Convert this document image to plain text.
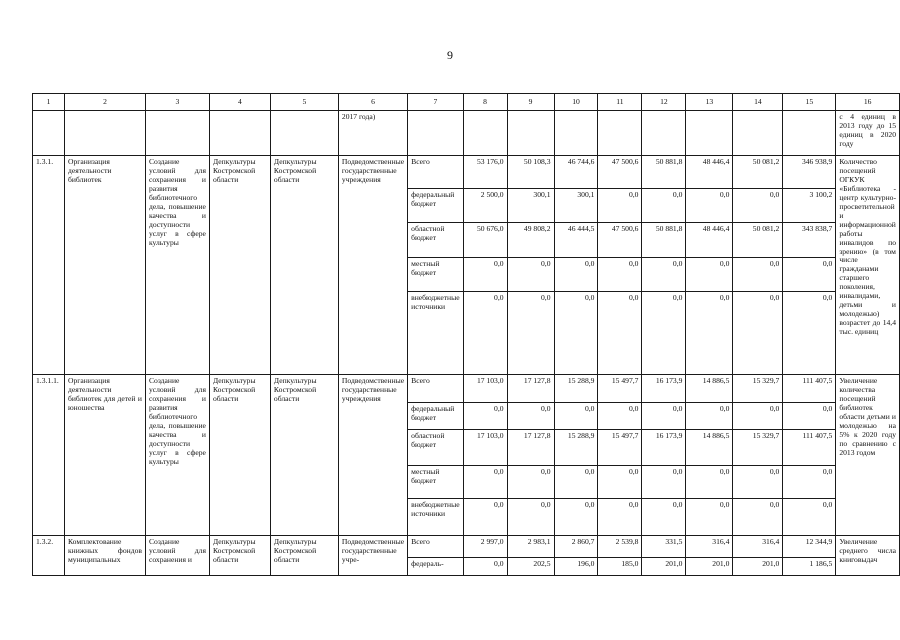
9
1	2	3	4	5	6	7	8	9	10	11	12	13	14	15	16
					2017 года)										с 4 единиц в 2013 году до 15 единиц в 2020 году
1.3.1.	Организация деятельности библиотек	Создание условий для сохранения и развития библиотечного дела, повышение качества и доступности услуг в сфере культуры	Депкультуры Костромской области	Депкультуры Костромской области	Подведомственные государственные учреждения	Всего	53 176,0	50 108,3	46 744,6	47 500,6	50 881,8	48 446,4	50 081,2	346 938,9	Количество посещений ОГКУК «Библиотека - центр культурно-просветительной и информационной работы инвалидов по зрению» (в том числе гражданами старшего поколения, инвалидами, детьми и молодежью) возрастет до 14,4 тыс. единиц
						федеральный бюджет	2 500,0	300,1	300,1	0,0	0,0	0,0	0,0	3 100,2	
						областной бюджет	50 676,0	49 808,2	46 444,5	47 500,6	50 881,8	48 446,4	50 081,2	343 838,7	
						местный бюджет	0,0	0,0	0,0	0,0	0,0	0,0	0,0	0,0	
						внебюджетные источники	0,0	0,0	0,0	0,0	0,0	0,0	0,0	0,0	
1.3.1.1.	Организация деятельности библиотек для детей и юношества	Создание условий для сохранения и развития библиотечного дела, повышение качества и доступности услуг в сфере культуры	Депкультуры Костромской области	Депкультуры Костромской области	Подведомственные государственные учреждения	Всего	17 103,0	17 127,8	15 288,9	15 497,7	16 173,9	14 886,5	15 329,7	111 407,5	Увеличение количества посещений библиотек области детьми и молодежью на 5% к 2020 году по сравнению с 2013 годом
						федеральный бюджет	0,0	0,0	0,0	0,0	0,0	0,0	0,0	0,0	
						областной бюджет	17 103,0	17 127,8	15 288,9	15 497,7	16 173,9	14 886,5	15 329,7	111 407,5	
						местный бюджет	0,0	0,0	0,0	0,0	0,0	0,0	0,0	0,0	
						внебюджетные источники	0,0	0,0	0,0	0,0	0,0	0,0	0,0	0,0	
1.3.2.	Комплектование книжных фондов муниципальных	Создание условий для сохранения и	Депкультуры Костромской области	Депкультуры Костромской области	Подведомственные государственные учре-	Всего	2 997,0	2 983,1	2 860,7	2 539,8	331,5	316,4	316,4	12 344,9	Увеличение среднего числа книговыдач
						федераль-	0,0	202,5	196,0	185,0	201,0	201,0	201,0	1 186,5	
